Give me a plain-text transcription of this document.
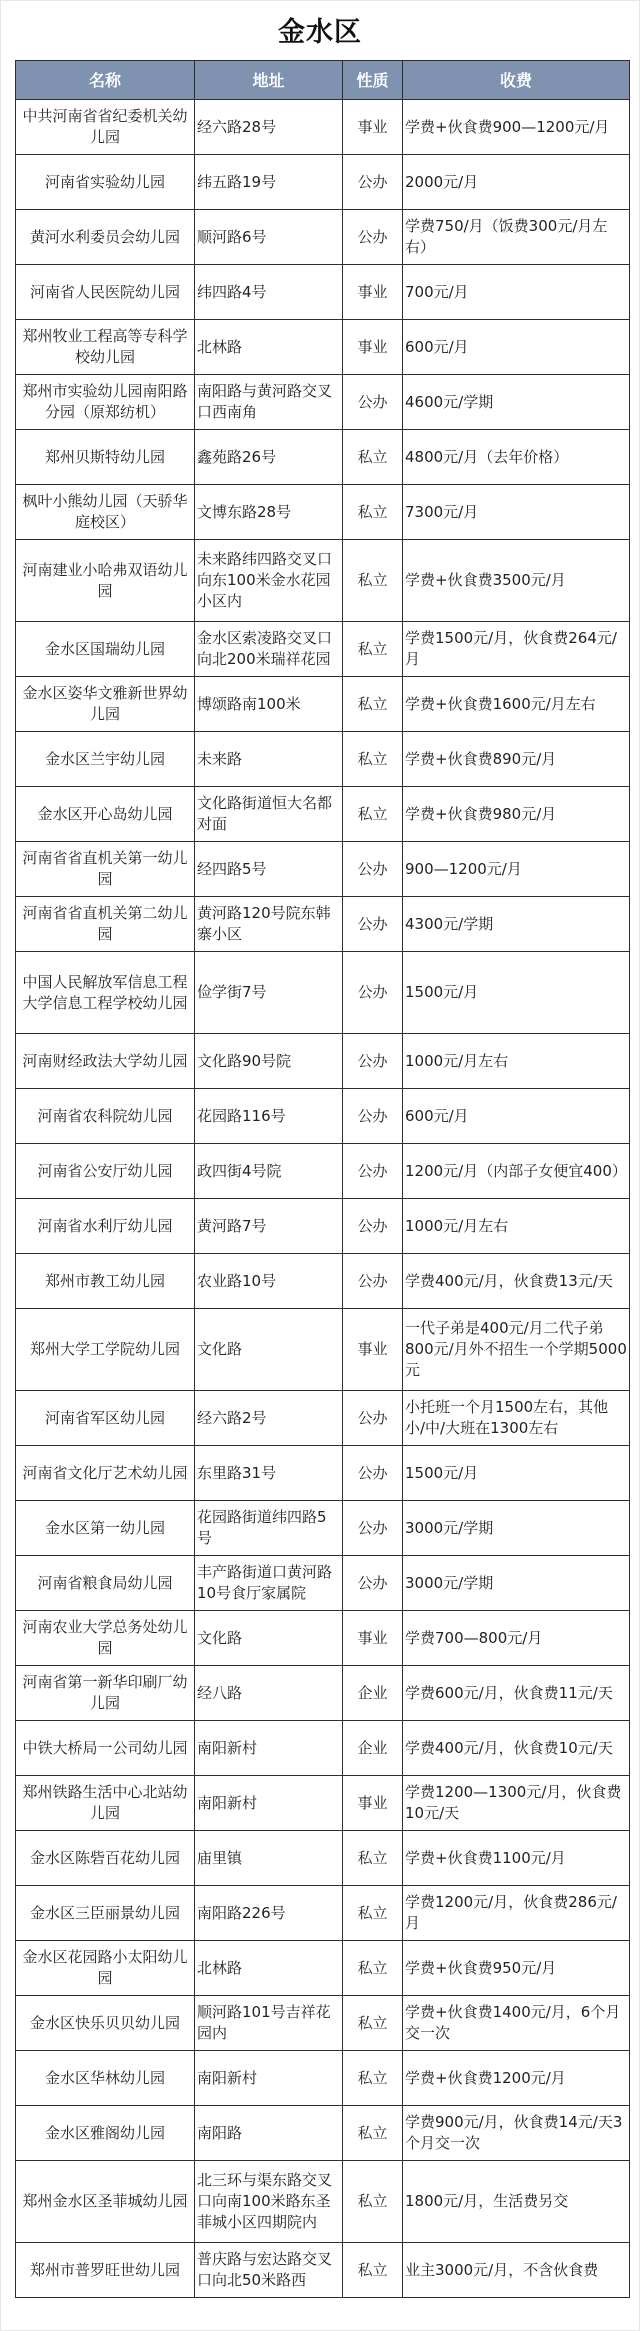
金水区
名称	地址	性质	收费
中共河南省省纪委机关幼儿园	经六路28号	事业	学费+伙食费900—1200元/月
河南省实验幼儿园	纬五路19号	公办	2000元/月
黄河水利委员会幼儿园	顺河路6号	公办	学费750/月（饭费300元/月左右）
河南省人民医院幼儿园	纬四路4号	事业	700元/月
郑州牧业工程高等专科学校幼儿园	北林路	事业	600元/月
郑州市实验幼儿园南阳路分园（原郑纺机）	南阳路与黄河路交叉口西南角	公办	4600元/学期
郑州贝斯特幼儿园	鑫苑路26号	私立	4800元/月（去年价格）
枫叶小熊幼儿园（天骄华庭校区）	文博东路28号	私立	7300元/月
河南建业小哈弗双语幼儿园	未来路纬四路交叉口向东100米金水花园小区内	私立	学费+伙食费3500元/月
金水区国瑞幼儿园	金水区索凌路交叉口向北200米瑞祥花园	私立	学费1500元/月，伙食费264元/月
金水区姿华文雅新世界幼儿园	博颂路南100米	私立	学费+伙食费1600元/月左右
金水区兰宇幼儿园	未来路	私立	学费+伙食费890元/月
金水区开心岛幼儿园	文化路街道恒大名都对面	私立	学费+伙食费980元/月
河南省省直机关第一幼儿园	经四路5号	公办	900—1200元/月
河南省省直机关第二幼儿园	黄河路120号院东韩寨小区	公办	4300元/学期
中国人民解放军信息工程大学信息工程学校幼儿园	俭学街7号	公办	1500元/月
河南财经政法大学幼儿园	文化路90号院	公办	1000元/月左右
河南省农科院幼儿园	花园路116号	公办	600元/月
河南省公安厅幼儿园	政四街4号院	公办	1200元/月（内部子女便宜400）
河南省水利厅幼儿园	黄河路7号	公办	1000元/月左右
郑州市教工幼儿园	农业路10号	公办	学费400元/月，伙食费13元/天
郑州大学工学院幼儿园	文化路	事业	一代子弟是400元/月二代子弟800元/月外不招生一个学期5000元
河南省军区幼儿园	经六路2号	公办	小托班一个月1500左右，其他小/中/大班在1300左右
河南省文化厅艺术幼儿园	东里路31号	公办	1500元/月
金水区第一幼儿园	花园路街道纬四路5号	公办	3000元/学期
河南省粮食局幼儿园	丰产路街道口黄河路10号食厅家属院	公办	3000元/学期
河南农业大学总务处幼儿园	文化路	事业	学费700—800元/月
河南省第一新华印刷厂幼儿园	经八路	企业	学费600元/月，伙食费11元/天
中铁大桥局一公司幼儿园	南阳新村	企业	学费400元/月，伙食费10元/天
郑州铁路生活中心北站幼儿园	南阳新村	事业	学费1200—1300元/月，伙食费10元/天
金水区陈砦百花幼儿园	庙里镇	私立	学费+伙食费1100元/月
金水区三臣丽景幼儿园	南阳路226号	私立	学费1200元/月，伙食费286元/月
金水区花园路小太阳幼儿园	北林路	私立	学费+伙食费950元/月
金水区快乐贝贝幼儿园	顺河路101号吉祥花园内	私立	学费+伙食费1400元/月，6个月交一次
金水区华林幼儿园	南阳新村	私立	学费+伙食费1200元/月
金水区雅阁幼儿园	南阳路	私立	学费900元/月，伙食费14元/天3个月交一次
郑州金水区圣菲城幼儿园	北三环与渠东路交叉口向南100米路东圣菲城小区四期院内	私立	1800元/月，生活费另交
郑州市普罗旺世幼儿园	普庆路与宏达路交叉口向北50米路西	私立	业主3000元/月，不含伙食费
